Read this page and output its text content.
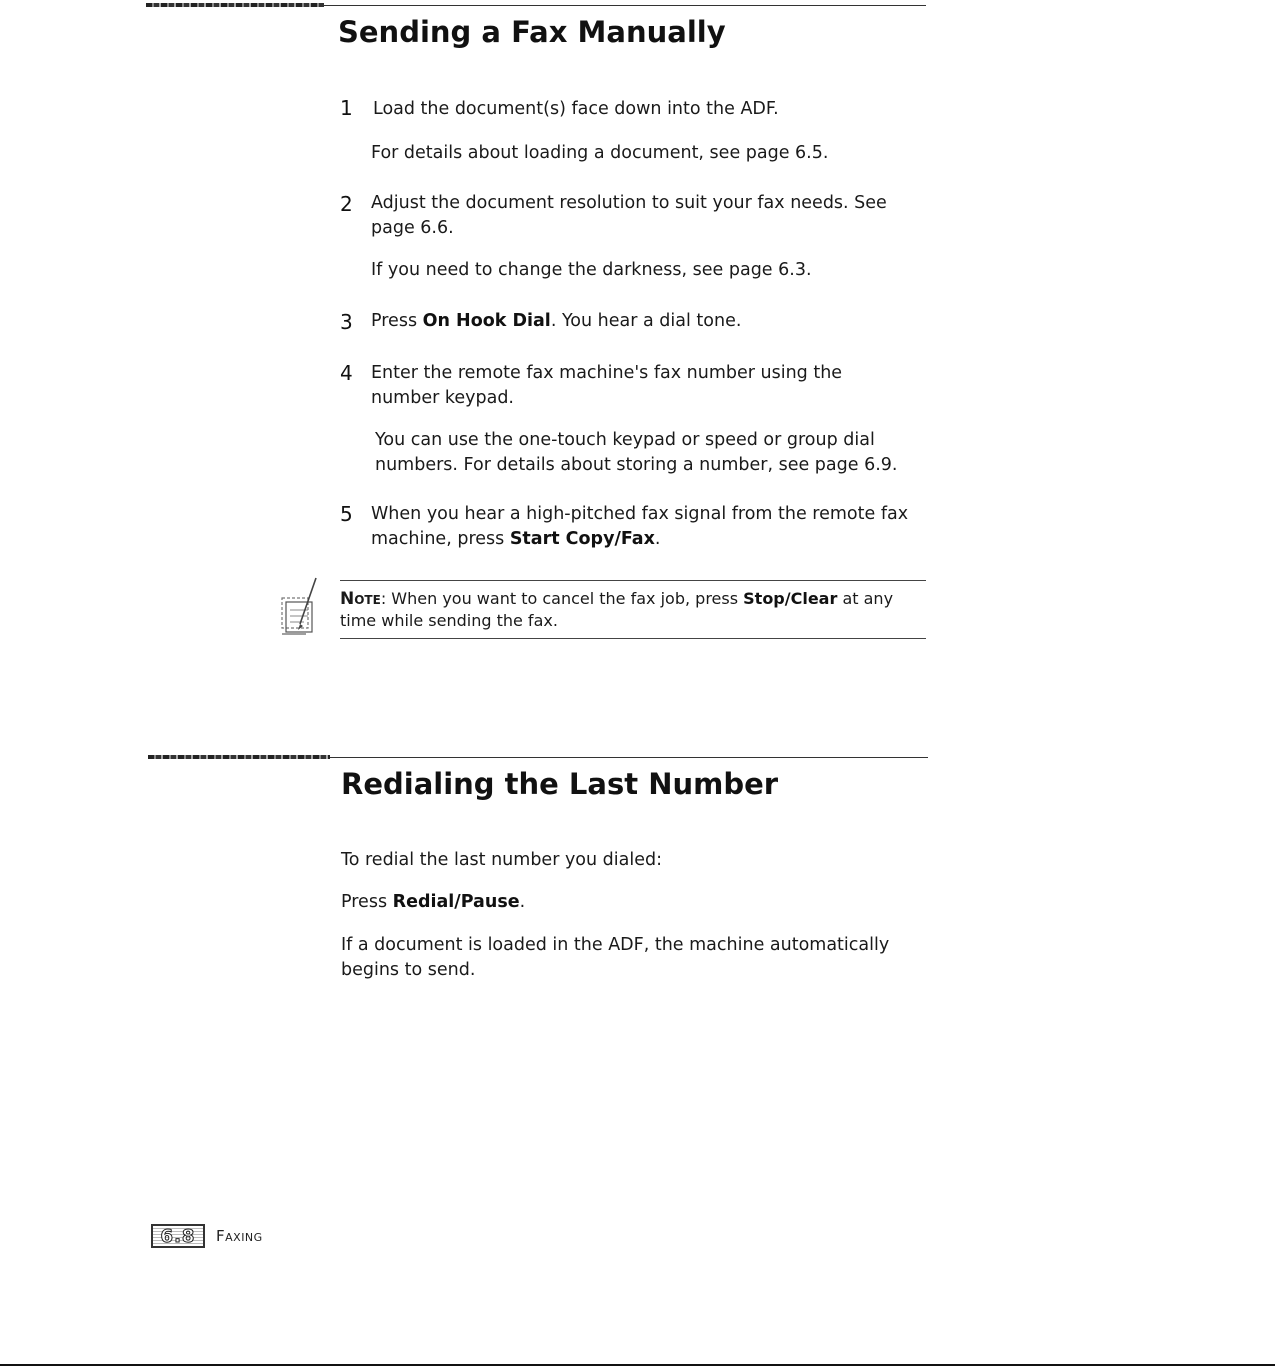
Sending a Fax Manually
1 Load the document(s) face down into the ADF.
For details about loading a document, see page 6.5.
2 Adjust the document resolution to suit your fax needs. See page 6.6.
If you need to change the darkness, see page 6.3.
3 Press On Hook Dial. You hear a dial tone.
4 Enter the remote fax machine's fax number using the number keypad.
You can use the one-touch keypad or speed or group dial numbers. For details about storing a number, see page 6.9.
5 When you hear a high-pitched fax signal from the remote fax machine, press Start Copy/Fax.
Note: When you want to cancel the fax job, press Stop/Clear at any time while sending the fax.
Redialing the Last Number
To redial the last number you dialed:
Press Redial/Pause.
If a document is loaded in the ADF, the machine automatically begins to send.
6.8	Faxing
